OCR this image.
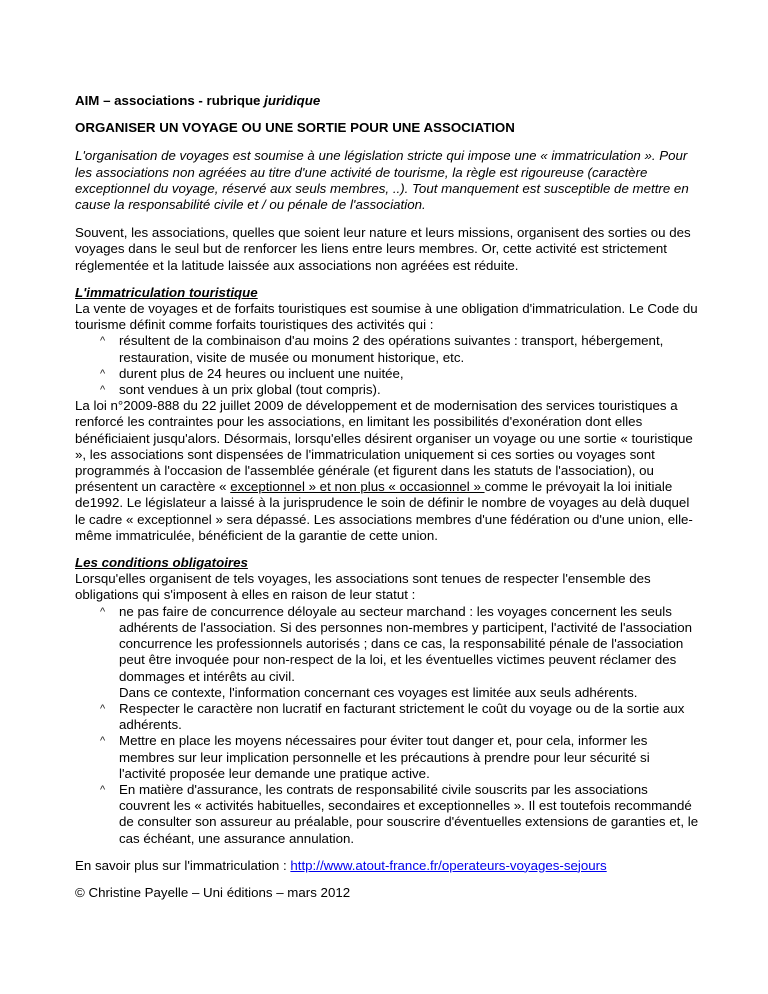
AIM – associations - rubrique juridique

ORGANISER UN VOYAGE OU UNE SORTIE POUR UNE ASSOCIATION

L'organisation de voyages est soumise à une législation stricte qui impose une « immatriculation ». Pour les associations non agréées au titre d'une activité de tourisme, la règle est rigoureuse (caractère exceptionnel du voyage, réservé aux seuls membres, ..). Tout manquement est susceptible de mettre en cause la responsabilité civile et / ou pénale de l'association.

Souvent, les associations, quelles que soient leur nature et leurs missions, organisent des sorties ou des voyages dans le seul but de renforcer les liens entre leurs membres. Or, cette activité est strictement réglementée et la latitude laissée aux associations non agréées est réduite.

L'immatriculation touristique

La vente de voyages et de forfaits touristiques est soumise à une obligation d'immatriculation. Le Code du tourisme définit comme forfaits touristiques des activités qui :

^ résultent de la combinaison d'au moins 2 des opérations suivantes : transport, hébergement, restauration, visite de musée ou monument historique, etc.
^ durent plus de 24 heures ou incluent une nuitée,
^ sont vendues à un prix global (tout compris).

La loi n°2009-888 du 22 juillet 2009 de développement et de modernisation des services touristiques a renforcé les contraintes pour les associations, en limitant les possibilités d'exonération dont elles bénéficiaient jusqu'alors. Désormais, lorsqu'elles désirent organiser un voyage ou une sortie « touristique », les associations sont dispensées de l'immatriculation uniquement si ces sorties ou voyages sont programmés à l'occasion de l'assemblée générale (et figurent dans les statuts de l'association), ou présentent un caractère « exceptionnel » et non plus « occasionnel » comme le prévoyait la loi initiale de1992. Le législateur a laissé à la jurisprudence le soin de définir le nombre de voyages au delà duquel le cadre « exceptionnel » sera dépassé. Les associations membres d'une fédération ou d'une union, elle-même immatriculée, bénéficient de la garantie de cette union.

Les conditions obligatoires

Lorsqu'elles organisent de tels voyages, les associations sont tenues de respecter l'ensemble des obligations qui s'imposent à elles en raison de leur statut :

^ ne pas faire de concurrence déloyale au secteur marchand : les voyages concernent les seuls adhérents de l'association. Si des personnes non-membres y participent, l'activité de l'association concurrence les professionnels autorisés ; dans ce cas, la responsabilité pénale de l'association peut être invoquée pour non-respect de la loi, et les éventuelles victimes peuvent réclamer des dommages et intérêts au civil.
Dans ce contexte, l'information concernant ces voyages est limitée aux seuls adhérents.
^ Respecter le caractère non lucratif en facturant strictement le coût du voyage ou de la sortie aux adhérents.
^ Mettre en place les moyens nécessaires pour éviter tout danger et, pour cela, informer les membres sur leur implication personnelle et les précautions à prendre pour leur sécurité si l'activité proposée leur demande une pratique active.
^ En matière d'assurance, les contrats de responsabilité civile souscrits par les associations couvrent les « activités habituelles, secondaires et exceptionnelles ». Il est toutefois recommandé de consulter son assureur au préalable, pour souscrire d'éventuelles extensions de garanties et, le cas échéant, une assurance annulation.

En savoir plus sur l'immatriculation : http://www.atout-france.fr/operateurs-voyages-sejours

© Christine Payelle – Uni éditions – mars 2012
